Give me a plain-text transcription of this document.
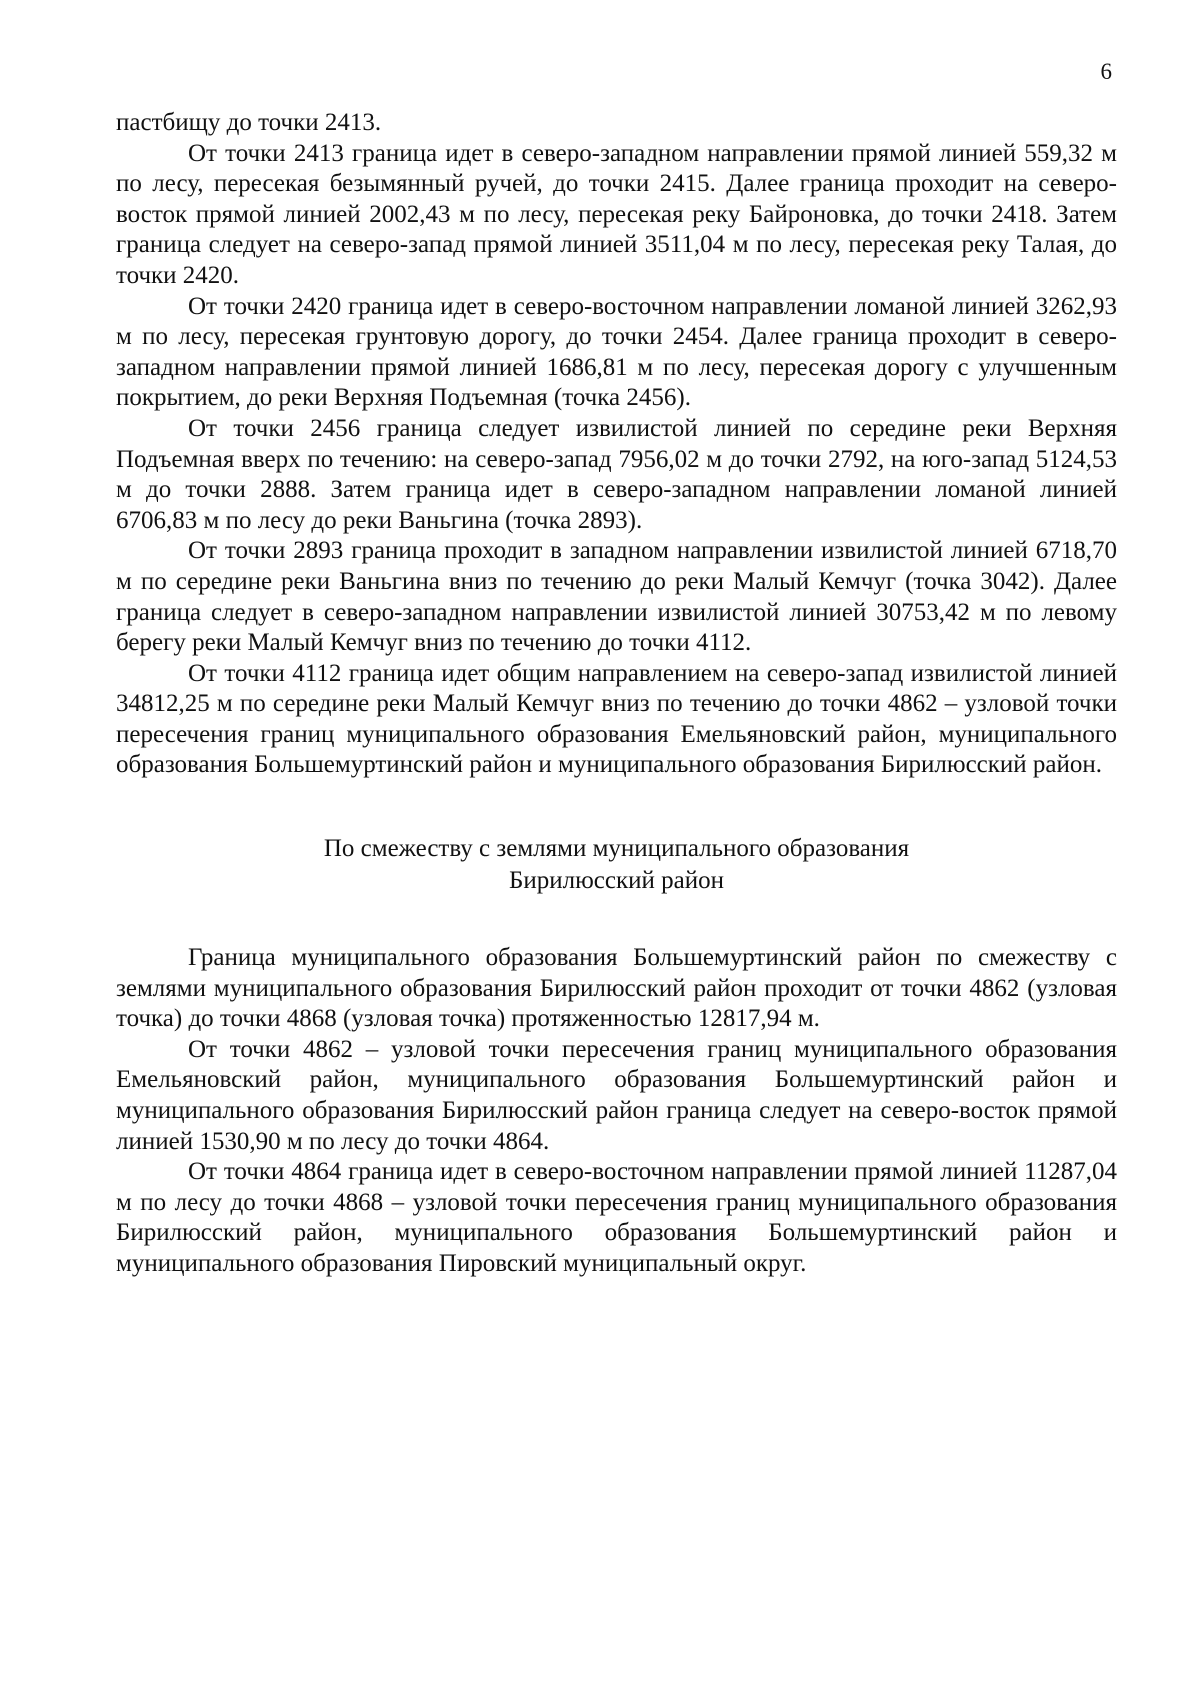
6

пастбищу до точки 2413.

От точки 2413 граница идет в северо-западном направлении прямой линией 559,32 м по лесу, пересекая безымянный ручей, до точки 2415. Далее граница проходит на северо-восток прямой линией 2002,43 м по лесу, пересекая реку Байроновка, до точки 2418. Затем граница следует на северо-запад прямой линией 3511,04 м по лесу, пересекая реку Талая, до точки 2420.

От точки 2420 граница идет в северо-восточном направлении ломаной линией 3262,93 м по лесу, пересекая грунтовую дорогу, до точки 2454. Далее граница проходит в северо-западном направлении прямой линией 1686,81 м по лесу, пересекая дорогу с улучшенным покрытием, до реки Верхняя Подъемная (точка 2456).

От точки 2456 граница следует извилистой линией по середине реки Верхняя Подъемная вверх по течению: на северо-запад 7956,02 м до точки 2792, на юго-запад 5124,53 м до точки 2888. Затем граница идет в северо-западном направлении ломаной линией 6706,83 м по лесу до реки Ваньгина (точка 2893).

От точки 2893 граница проходит в западном направлении извилистой линией 6718,70 м по середине реки Ваньгина вниз по течению до реки Малый Кемчуг (точка 3042). Далее граница следует в северо-западном направлении извилистой линией 30753,42 м по левому берегу реки Малый Кемчуг вниз по течению до точки 4112.

От точки 4112 граница идет общим направлением на северо-запад извилистой линией 34812,25 м по середине реки Малый Кемчуг вниз по течению до точки 4862 – узловой точки пересечения границ муниципального образования Емельяновский район, муниципального образования Большемуртинский район и муниципального образования Бирилюсский район.

По смежеству с землями муниципального образования
Бирилюсский район

Граница муниципального образования Большемуртинский район по смежеству с землями муниципального образования Бирилюсский район проходит от точки 4862 (узловая точка) до точки 4868 (узловая точка) протяженностью 12817,94 м.

От точки 4862 – узловой точки пересечения границ муниципального образования Емельяновский район, муниципального образования Большемуртинский район и муниципального образования Бирилюсский район граница следует на северо-восток прямой линией 1530,90 м по лесу до точки 4864.

От точки 4864 граница идет в северо-восточном направлении прямой линией 11287,04 м по лесу до точки 4868 – узловой точки пересечения границ муниципального образования Бирилюсский район, муниципального образования Большемуртинский район и муниципального образования Пировский муниципальный округ.
